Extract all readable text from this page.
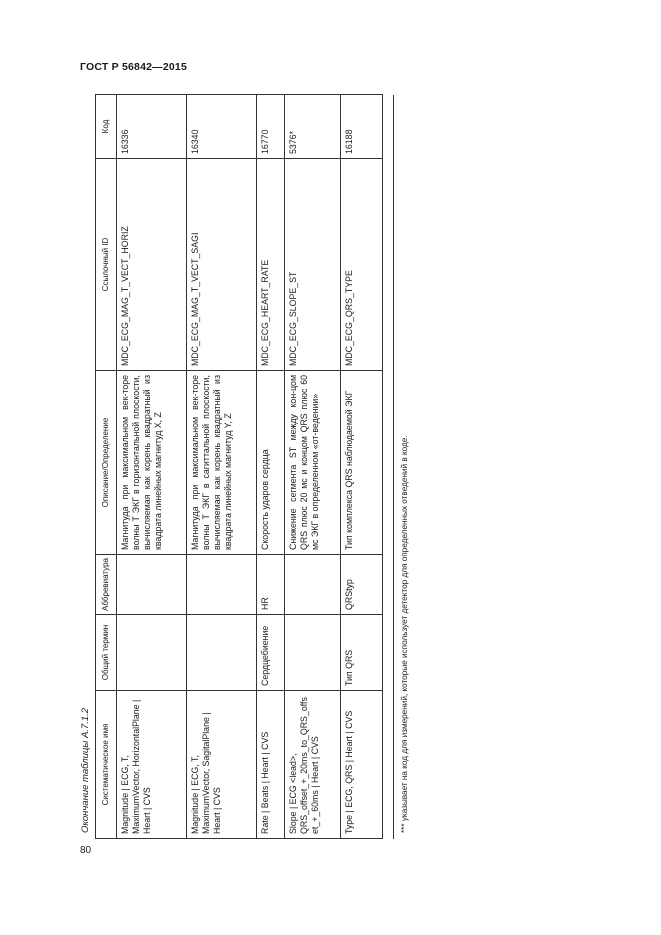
ГОСТ Р 56842—2015
Окончание таблицы А.7.1.2 Систематическое имя	Общий термин	Аббревиатура	Описание/Определение	Ссылочный ID	Код
Magnitude | ECG, T, MaximumVector, HorizontalPlane | Heart | CVS			Магнитуда при максимальном век-торе волны Т ЭКГ в горизонтальной плоскости, вычисляемая как корень квадратный из квадрата линейных магнитуд X, Z	MDC_ECG_MAG_T_VECT_HORIZ	16336
Magnitude | ECG, T, MaximumVector, SagitalPlane | Heart | CVS			Магнитуда при максимальном век-торе волны Т ЭКГ в сагиттальной плоскости, вычисляемая как корень квадратный из квадрата линейных магнитуд Y, Z	MDC_ECG_MAG_T_VECT_SAGI	16340
Rate | Beats | Heart | CVS	Сердцебиение	HR	Скорость ударов сердца	MDC_ECG_HEART_RATE	16770
Slope | ECG <lead>, QRS_offset_+_20ms_to_QRS_offset_+_60ms | Heart | CVS			Снижение сегмента ST между кон-цом QRS плюс 20 мс и концом QRS плюс 60 мс ЭКГ в определенном «от-ведении»	MDC_ECG_SLOPE_ST	5376*
Type | ECG, QRS | Heart | CVS	Тип QRS	QRStyp	Тип комплекса QRS наблюдаемой ЭКГ	MDC_ECG_QRS_TYPE	16188
*** указывает на код для измерений, которые использует детектор для определенных отведений в коде.
80
